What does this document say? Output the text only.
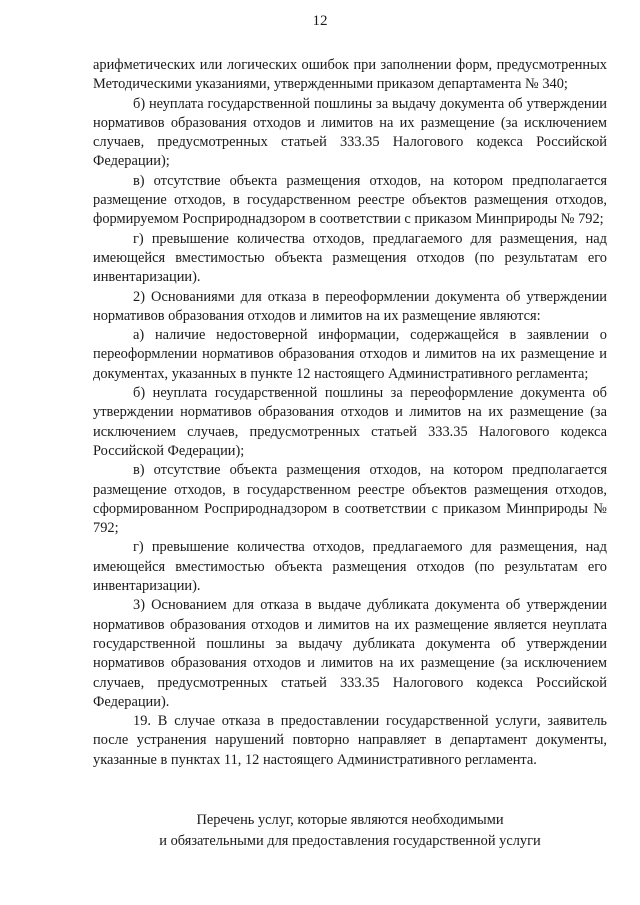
12

арифметических или логических ошибок при заполнении форм, предусмотренных Методическими указаниями, утвержденными приказом департамента № 340;

б) неуплата государственной пошлины за выдачу документа об утверждении нормативов образования отходов и лимитов на их размещение (за исключением случаев, предусмотренных статьей 333.35 Налогового кодекса Российской Федерации);

в) отсутствие объекта размещения отходов, на котором предполагается размещение отходов, в государственном реестре объектов размещения отходов, формируемом Росприроднадзором в соответствии с приказом Минприроды № 792;

г) превышение количества отходов, предлагаемого для размещения, над имеющейся вместимостью объекта размещения отходов (по результатам его инвентаризации).

2) Основаниями для отказа в переоформлении документа об утверждении нормативов образования отходов и лимитов на их размещение являются:

а) наличие недостоверной информации, содержащейся в заявлении о переоформлении нормативов образования отходов и лимитов на их размещение и документах, указанных в пункте 12 настоящего Административного регламента;

б) неуплата государственной пошлины за переоформление документа об утверждении нормативов образования отходов и лимитов на их размещение (за исключением случаев, предусмотренных статьей 333.35 Налогового кодекса Российской Федерации);

в) отсутствие объекта размещения отходов, на котором предполагается размещение отходов, в государственном реестре объектов размещения отходов, сформированном Росприроднадзором в соответствии с приказом Минприроды № 792;

г) превышение количества отходов, предлагаемого для размещения, над имеющейся вместимостью объекта размещения отходов (по результатам его инвентаризации).

3) Основанием для отказа в выдаче дубликата документа об утверждении нормативов образования отходов и лимитов на их размещение является неуплата государственной пошлины за выдачу дубликата документа об утверждении нормативов образования отходов и лимитов на их размещение (за исключением случаев, предусмотренных статьей 333.35 Налогового кодекса Российской Федерации).

19. В случае отказа в предоставлении государственной услуги, заявитель после устранения нарушений повторно направляет в департамент документы, указанные в пунктах 11, 12 настоящего Административного регламента.

Перечень услуг, которые являются необходимыми
и обязательными для предоставления государственной услуги
